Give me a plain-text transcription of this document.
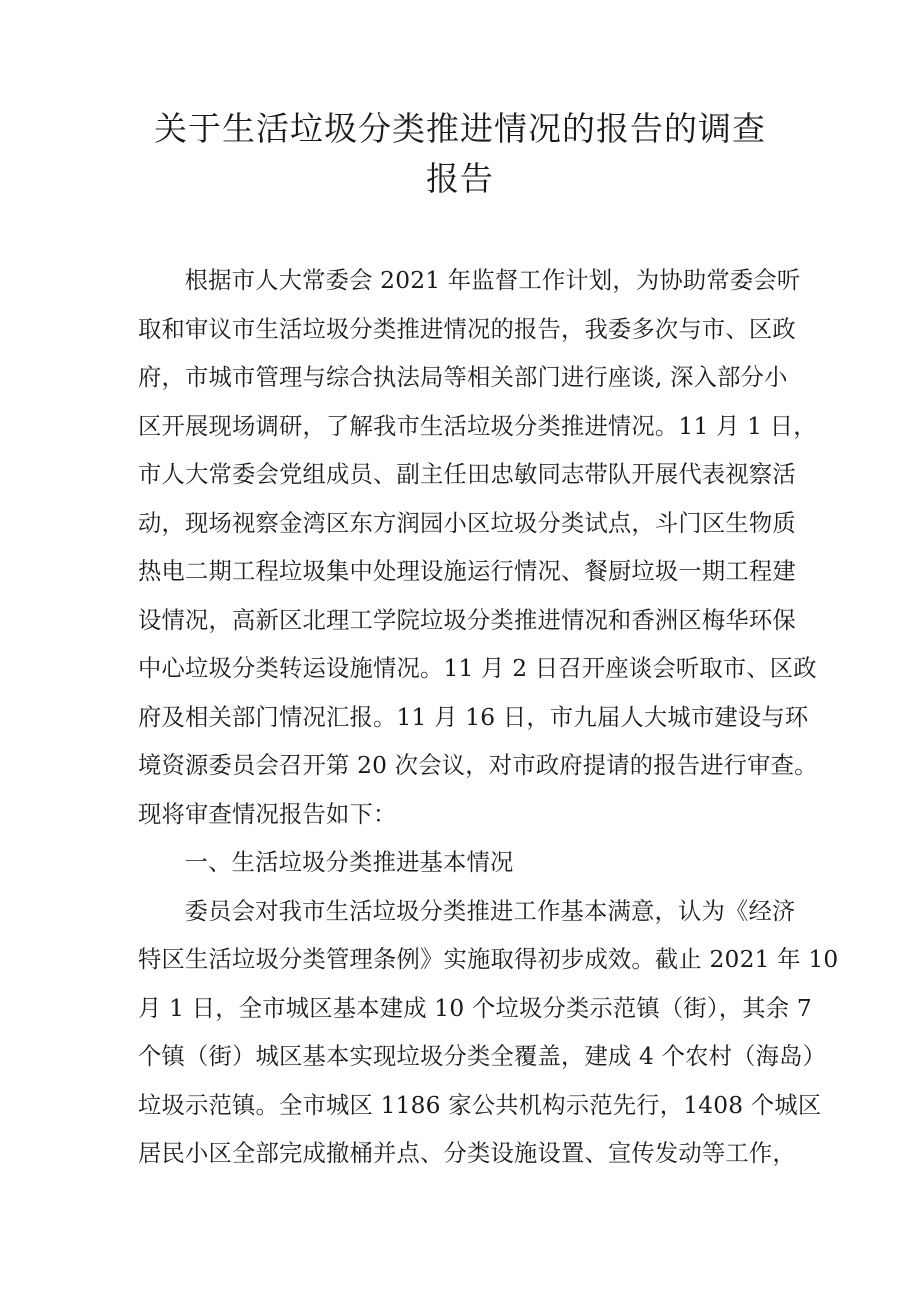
关于生活垃圾分类推进情况的报告的调查
报告
根据市人大常委会 2021 年监督工作计划，为协助常委会听
取和审议市生活垃圾分类推进情况的报告，我委多次与市、区政
府，市城市管理与综合执法局等相关部门进行座谈, 深入部分小
区开展现场调研，了解我市生活垃圾分类推进情况。11 月 1 日，
市人大常委会党组成员、副主任田忠敏同志带队开展代表视察活
动，现场视察金湾区东方润园小区垃圾分类试点，斗门区生物质
热电二期工程垃圾集中处理设施运行情况、餐厨垃圾一期工程建
设情况，高新区北理工学院垃圾分类推进情况和香洲区梅华环保
中心垃圾分类转运设施情况。11 月 2 日召开座谈会听取市、区政
府及相关部门情况汇报。11 月 16 日，市九届人大城市建设与环
境资源委员会召开第 20 次会议，对市政府提请的报告进行审查。
现将审查情况报告如下：
一、生活垃圾分类推进基本情况
委员会对我市生活垃圾分类推进工作基本满意，认为《经济
特区生活垃圾分类管理条例》实施取得初步成效。截止 2021 年 10
月 1 日，全市城区基本建成 10 个垃圾分类示范镇（街），其余 7
个镇（街）城区基本实现垃圾分类全覆盖，建成 4 个农村（海岛）
垃圾示范镇。全市城区 1186 家公共机构示范先行，1408 个城区
居民小区全部完成撤桶并点、分类设施设置、宣传发动等工作，
